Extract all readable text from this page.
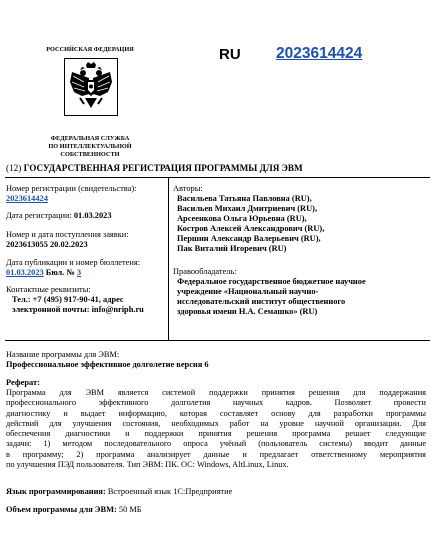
РОССИЙСКАЯ ФЕДЕРАЦИЯ
ФЕДЕРАЛЬНАЯ СЛУЖБА
ПО ИНТЕЛЛЕКТУАЛЬНОЙ СОБСТВЕННОСТИ
RU 2023614424
(12) ГОСУДАРСТВЕННАЯ РЕГИСТРАЦИЯ ПРОГРАММЫ ДЛЯ ЭВМ
Номер регистрации (свидетельства):
2023614424
Дата регистрации: 01.03.2023
Номер и дата поступления заявки:
2023613055 20.02.2023
Дата публикации и номер бюллетеня:
01.03.2023 Бюл. № 3
Контактные реквизиты:
Тел.: +7 (495) 917-90-41, адрес
электронной почты: info@nriph.ru
Авторы:
Васильева Татьяна Павловна (RU),
Васильев Михаил Дмитриевич (RU),
Арсеенкова Ольга Юрьевна (RU),
Костров Алексей Александрович (RU),
Першин Александр Валерьевич (RU),
Пак Виталий Игоревич (RU)
Правообладатель:
Федеральное государственное бюджетное научное
учреждение «Национальный научно-
исследовательский институт общественного
здоровья имени Н.А. Семашко» (RU)
Название программы для ЭВМ:
Профессиональное эффективное долголетие версия 6
Реферат:
Программа для ЭВМ является системой поддержки принятия решения для поддержания
профессионального эффективного долголетия научных кадров. Позволяет провести
диагностику и выдает информацию, которая составляет основу для разработки программы
действий для улучшения состояния, необходимых работ на уровне научной организации. Для
обеспечения диагностики и поддержки принятия решения программа решает следующие
задачи: 1) методом последовательного опроса учёный (пользователь системы) вводит данные
в программу; 2) программа анализирует данные и предлагает ответственному мероприятия
по улучшения ПЭД пользователя. Тип ЭВМ: ПК. ОС: Windows, AltLinux, Linux.
Язык программирования: Встроенный язык 1С:Предприятие
Объем программы для ЭВМ: 50 МБ
